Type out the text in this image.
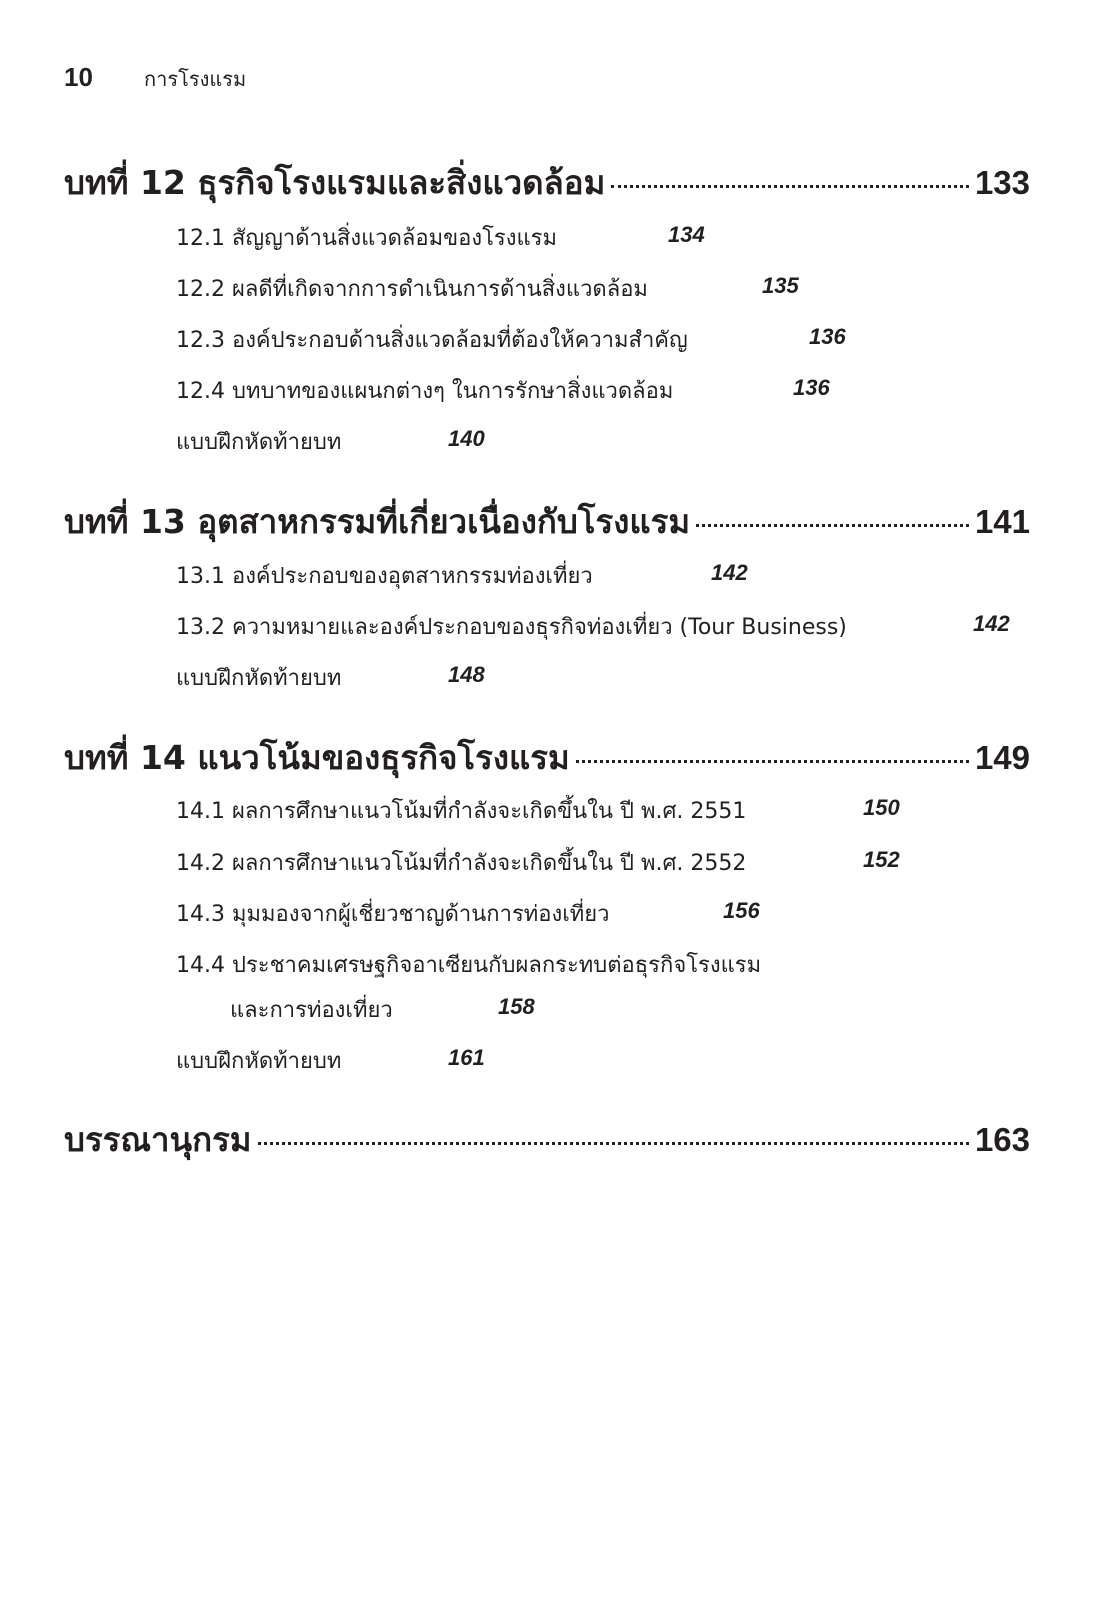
10	การโรงแรม
บทที่ 12 ธุรกิจโรงแรมและสิ่งแวดล้อม	133
12.1 สัญญาด้านสิ่งแวดล้อมของโรงแรม	134
12.2 ผลดีที่เกิดจากการดำเนินการด้านสิ่งแวดล้อม	135
12.3 องค์ประกอบด้านสิ่งแวดล้อมที่ต้องให้ความสำคัญ	136
12.4 บทบาทของแผนกต่างๆ ในการรักษาสิ่งแวดล้อม	136
แบบฝึกหัดท้ายบท	140
บทที่ 13 อุตสาหกรรมที่เกี่ยวเนื่องกับโรงแรม	141
13.1 องค์ประกอบของอุตสาหกรรมท่องเที่ยว	142
13.2 ความหมายและองค์ประกอบของธุรกิจท่องเที่ยว (Tour Business)	142
แบบฝึกหัดท้ายบท	148
บทที่ 14 แนวโน้มของธุรกิจโรงแรม	149
14.1 ผลการศึกษาแนวโน้มที่กำลังจะเกิดขึ้นใน ปี พ.ศ. 2551	150
14.2 ผลการศึกษาแนวโน้มที่กำลังจะเกิดขึ้นใน ปี พ.ศ. 2552	152
14.3 มุมมองจากผู้เชี่ยวชาญด้านการท่องเที่ยว	156
14.4 ประชาคมเศรษฐกิจอาเซียนกับผลกระทบต่อธุรกิจโรงแรม
และการท่องเที่ยว	158
แบบฝึกหัดท้ายบท	161
บรรณานุกรม	163
